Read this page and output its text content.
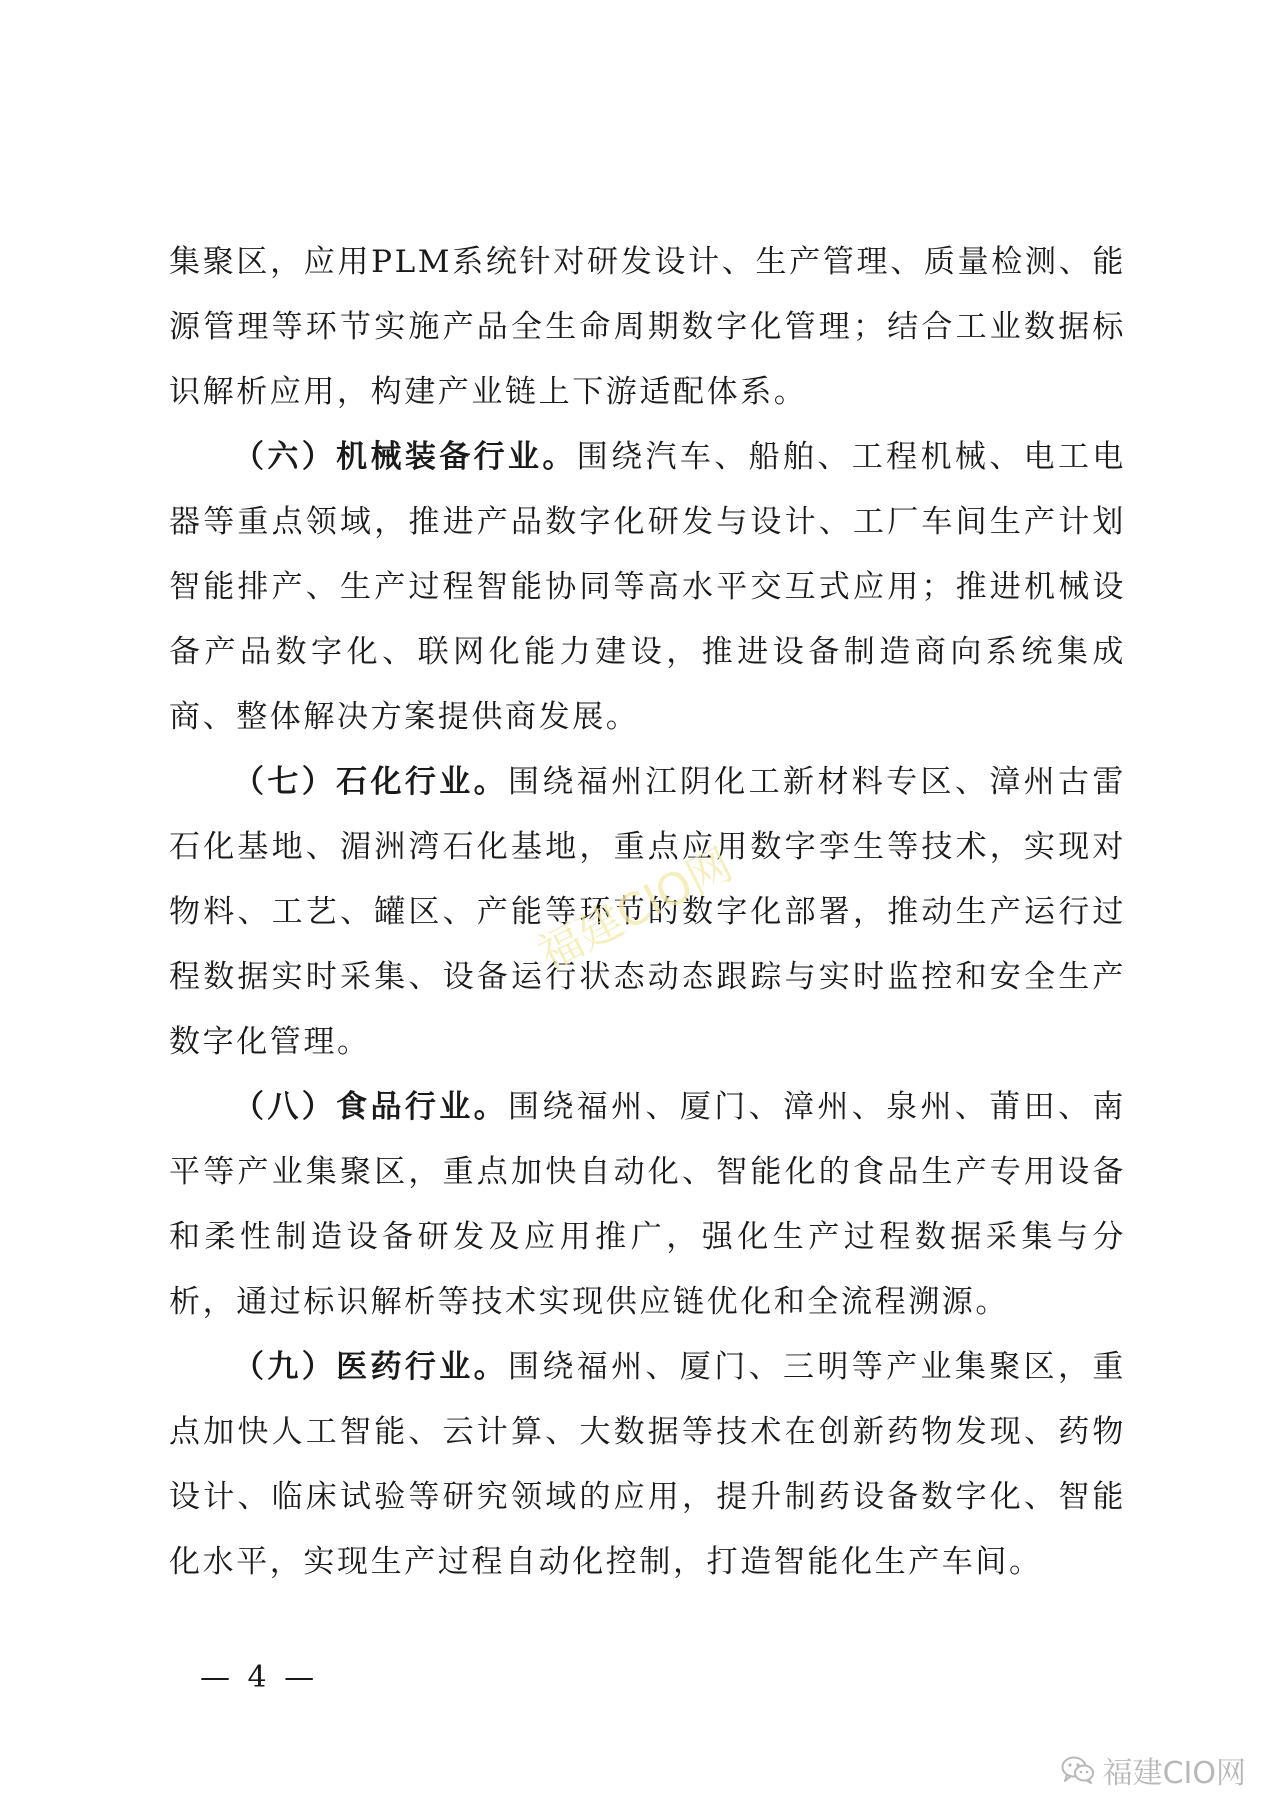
集聚区，应用PLM系统针对研发设计、生产管理、质量检测、能源管理等环节实施产品全生命周期数字化管理；结合工业数据标识解析应用，构建产业链上下游适配体系。

（六）机械装备行业。围绕汽车、船舶、工程机械、电工电器等重点领域，推进产品数字化研发与设计、工厂车间生产计划智能排产、生产过程智能协同等高水平交互式应用；推进机械设备产品数字化、联网化能力建设，推进设备制造商向系统集成商、整体解决方案提供商发展。

（七）石化行业。围绕福州江阴化工新材料专区、漳州古雷石化基地、湄洲湾石化基地，重点应用数字孪生等技术，实现对物料、工艺、罐区、产能等环节的数字化部署，推动生产运行过程数据实时采集、设备运行状态动态跟踪与实时监控和安全生产数字化管理。

（八）食品行业。围绕福州、厦门、漳州、泉州、莆田、南平等产业集聚区，重点加快自动化、智能化的食品生产专用设备和柔性制造设备研发及应用推广，强化生产过程数据采集与分析，通过标识解析等技术实现供应链优化和全流程溯源。

（九）医药行业。围绕福州、厦门、三明等产业集聚区，重点加快人工智能、云计算、大数据等技术在创新药物发现、药物设计、临床试验等研究领域的应用，提升制药设备数字化、智能化水平，实现生产过程自动化控制，打造智能化生产车间。

福建CIO网
— 4 —
福建CIO网
